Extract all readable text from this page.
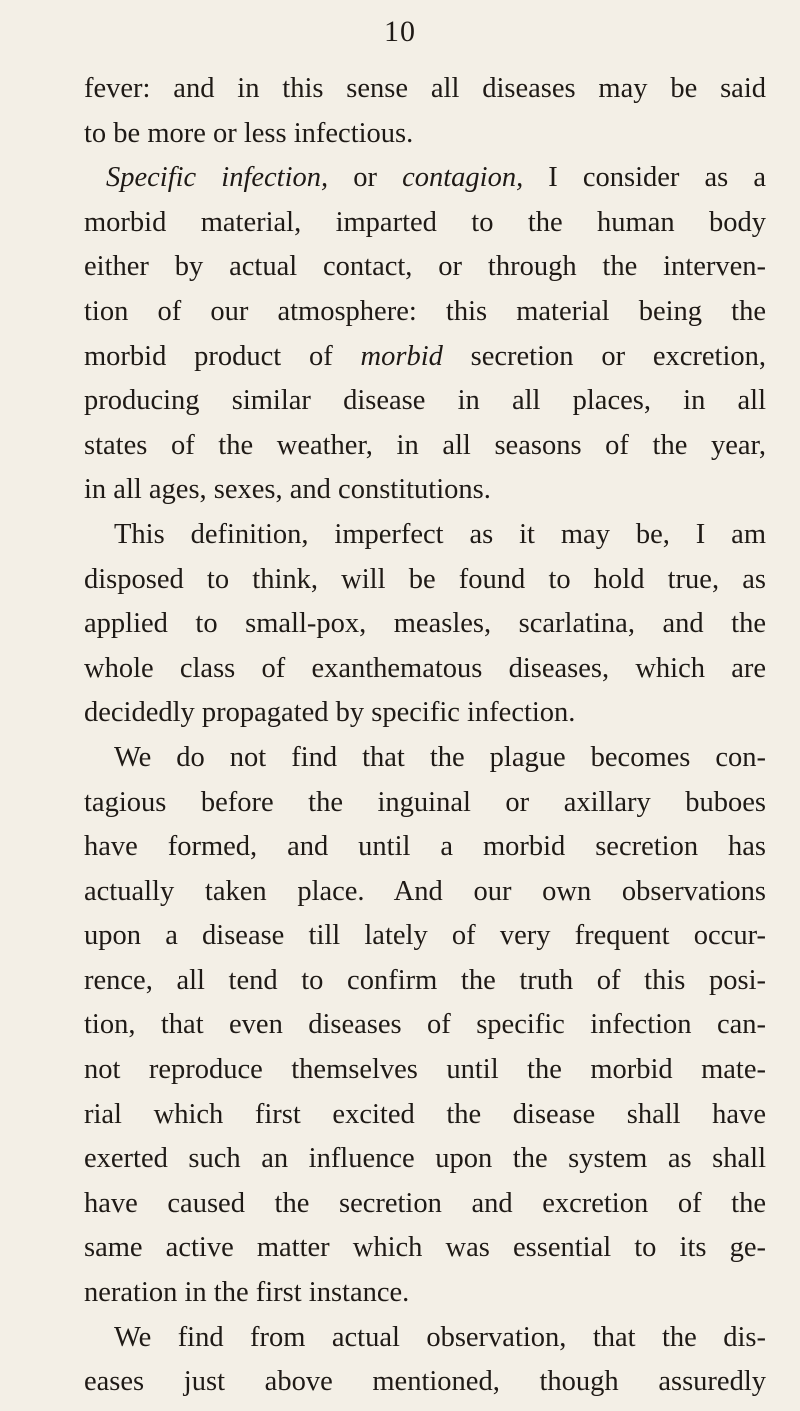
10
fever: and in this sense all diseases may be said
to be more or less infectious.
Specific infection, or contagion, I consider as a
morbid material, imparted to the human body
either by actual contact, or through the interven-
tion of our atmosphere: this material being the
morbid product of morbid secretion or excretion,
producing similar disease in all places, in all
states of the weather, in all seasons of the year,
in all ages, sexes, and constitutions.
This definition, imperfect as it may be, I am
disposed to think, will be found to hold true, as
applied to small-pox, measles, scarlatina, and the
whole class of exanthematous diseases, which are
decidedly propagated by specific infection.
We do not find that the plague becomes con-
tagious before the inguinal or axillary buboes
have formed, and until a morbid secretion has
actually taken place. And our own observations
upon a disease till lately of very frequent occur-
rence, all tend to confirm the truth of this posi-
tion, that even diseases of specific infection can-
not reproduce themselves until the morbid mate-
rial which first excited the disease shall have
exerted such an influence upon the system as shall
have caused the secretion and excretion of the
same active matter which was essential to its ge-
neration in the first instance.
We find from actual observation, that the dis-
eases just above mentioned, though assuredly
